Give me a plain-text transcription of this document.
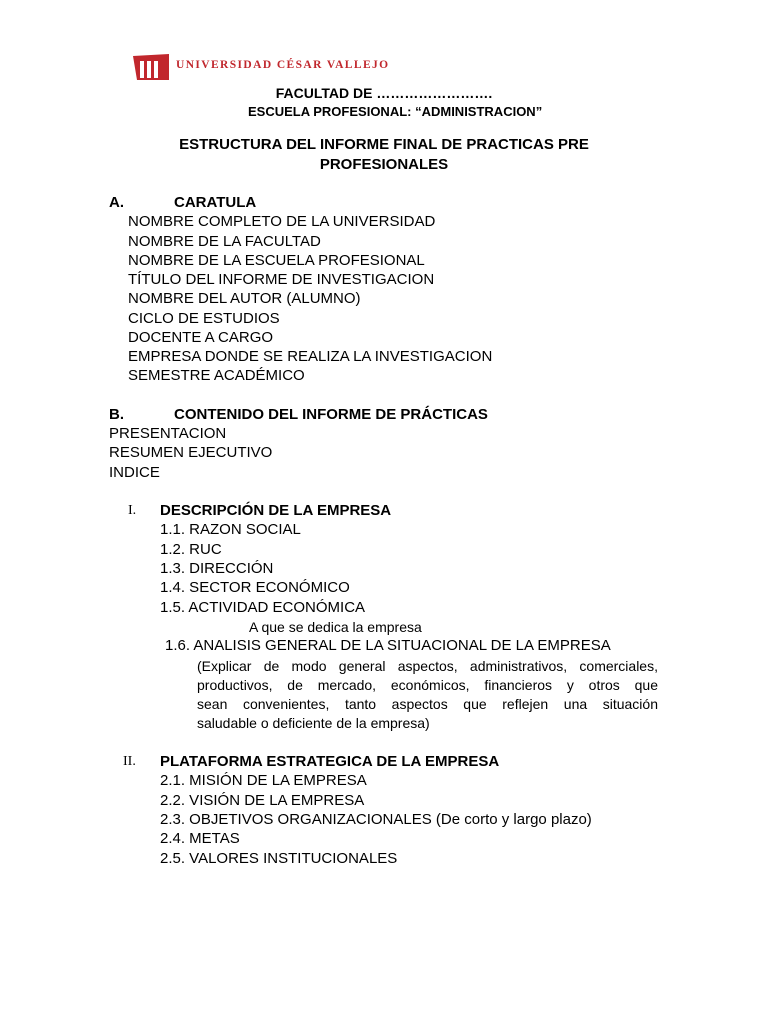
UNIVERSIDAD CÉSAR VALLEJO
FACULTAD DE …………………….
ESCUELA PROFESIONAL: “ADMINISTRACION”
ESTRUCTURA DEL INFORME FINAL DE PRACTICAS PRE
PROFESIONALES
A.	CARATULA
NOMBRE COMPLETO DE LA UNIVERSIDAD
NOMBRE DE LA FACULTAD
NOMBRE DE LA ESCUELA PROFESIONAL
TÍTULO DEL INFORME DE INVESTIGACION
NOMBRE DEL AUTOR (ALUMNO)
CICLO DE ESTUDIOS
DOCENTE A CARGO
EMPRESA DONDE SE REALIZA LA INVESTIGACION
SEMESTRE ACADÉMICO
B.	CONTENIDO DEL INFORME DE PRÁCTICAS
PRESENTACION
RESUMEN EJECUTIVO
INDICE
I. DESCRIPCIÓN DE LA EMPRESA
1.1. RAZON SOCIAL
1.2. RUC
1.3. DIRECCIÓN
1.4. SECTOR ECONÓMICO
1.5. ACTIVIDAD ECONÓMICA
A que se dedica la empresa
1.6. ANALISIS GENERAL DE LA SITUACIONAL DE LA EMPRESA
(Explicar de modo general aspectos, administrativos, comerciales,
productivos, de mercado, económicos, financieros y otros que
sean convenientes, tanto aspectos que reflejen una situación
saludable o deficiente de la empresa)
II. PLATAFORMA ESTRATEGICA DE LA EMPRESA
2.1. MISIÓN DE LA EMPRESA
2.2. VISIÓN DE LA EMPRESA
2.3. OBJETIVOS ORGANIZACIONALES (De corto y largo plazo)
2.4. METAS
2.5. VALORES INSTITUCIONALES
